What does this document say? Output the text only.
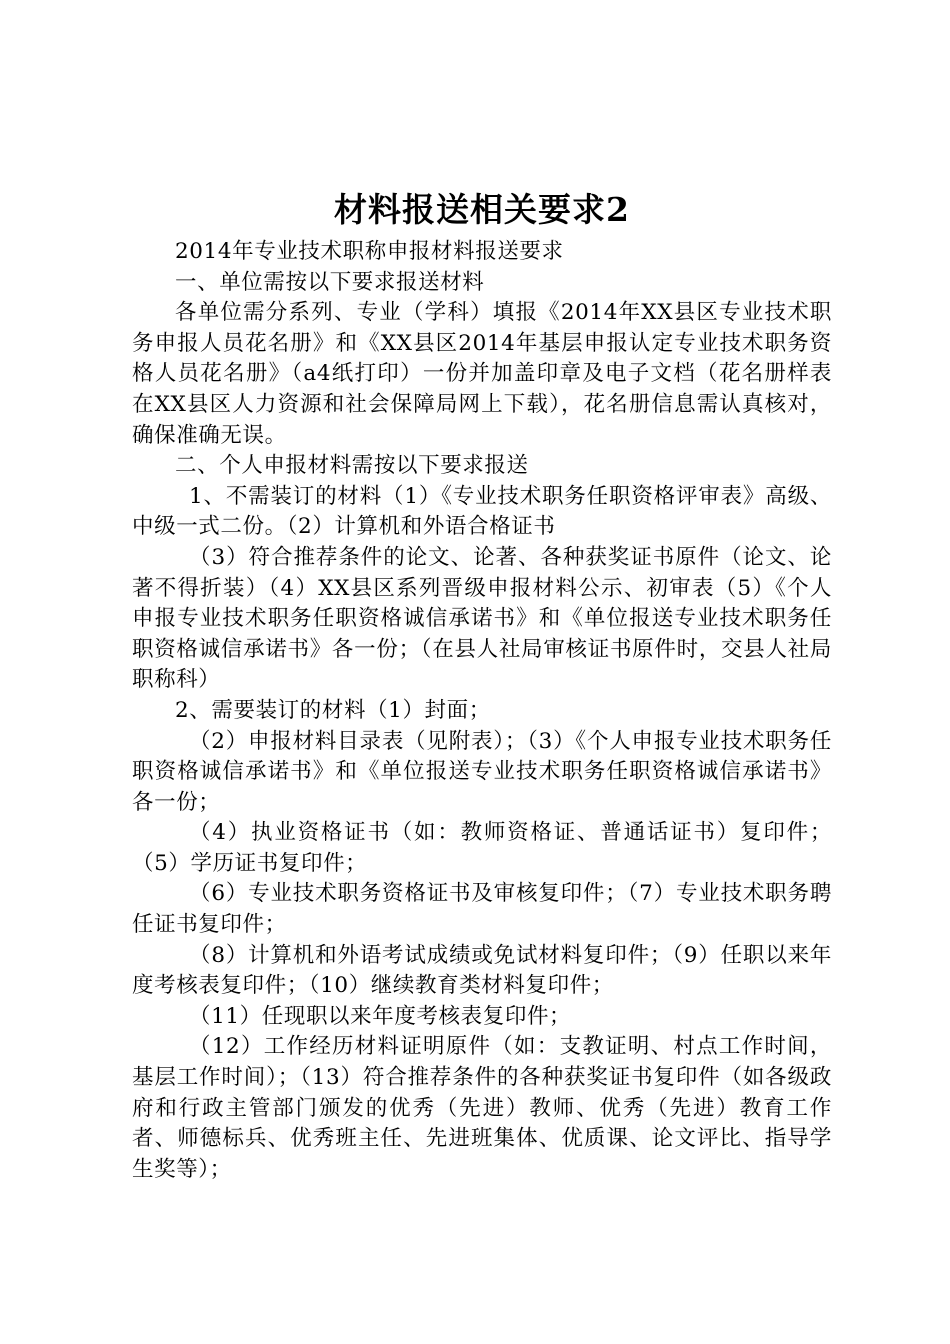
材料报送相关要求2

2014年专业技术职称申报材料报送要求

一、单位需按以下要求报送材料

各单位需分系列、专业（学科）填报《2014年XX县区专业技术职务申报人员花名册》和《XX县区2014年基层申报认定专业技术职务资格人员花名册》（a4纸打印）一份并加盖印章及电子文档（花名册样表在XX县区人力资源和社会保障局网上下载），花名册信息需认真核对，确保准确无误。

二、个人申报材料需按以下要求报送

1、不需装订的材料（1）《专业技术职务任职资格评审表》高级、中级一式二份。（2）计算机和外语合格证书

（3）符合推荐条件的论文、论著、各种获奖证书原件（论文、论著不得折装）（4）XX县区系列晋级申报材料公示、初审表（5）《个人申报专业技术职务任职资格诚信承诺书》和《单位报送专业技术职务任职资格诚信承诺书》各一份；（在县人社局审核证书原件时，交县人社局职称科）

2、需要装订的材料（1）封面；

（2）申报材料目录表（见附表）；（3）《个人申报专业技术职务任职资格诚信承诺书》和《单位报送专业技术职务任职资格诚信承诺书》各一份；

（4）执业资格证书（如：教师资格证、普通话证书）复印件；（5）学历证书复印件；

（6）专业技术职务资格证书及审核复印件；（7）专业技术职务聘任证书复印件；

（8）计算机和外语考试成绩或免试材料复印件；（9）任职以来年度考核表复印件；（10）继续教育类材料复印件；

（11）任现职以来年度考核表复印件；

（12）工作经历材料证明原件（如：支教证明、村点工作时间，基层工作时间）；（13）符合推荐条件的各种获奖证书复印件（如各级政府和行政主管部门颁发的优秀（先进）教师、优秀（先进）教育工作者、师德标兵、优秀班主任、先进班集体、优质课、论文评比、指导学生奖等）；
